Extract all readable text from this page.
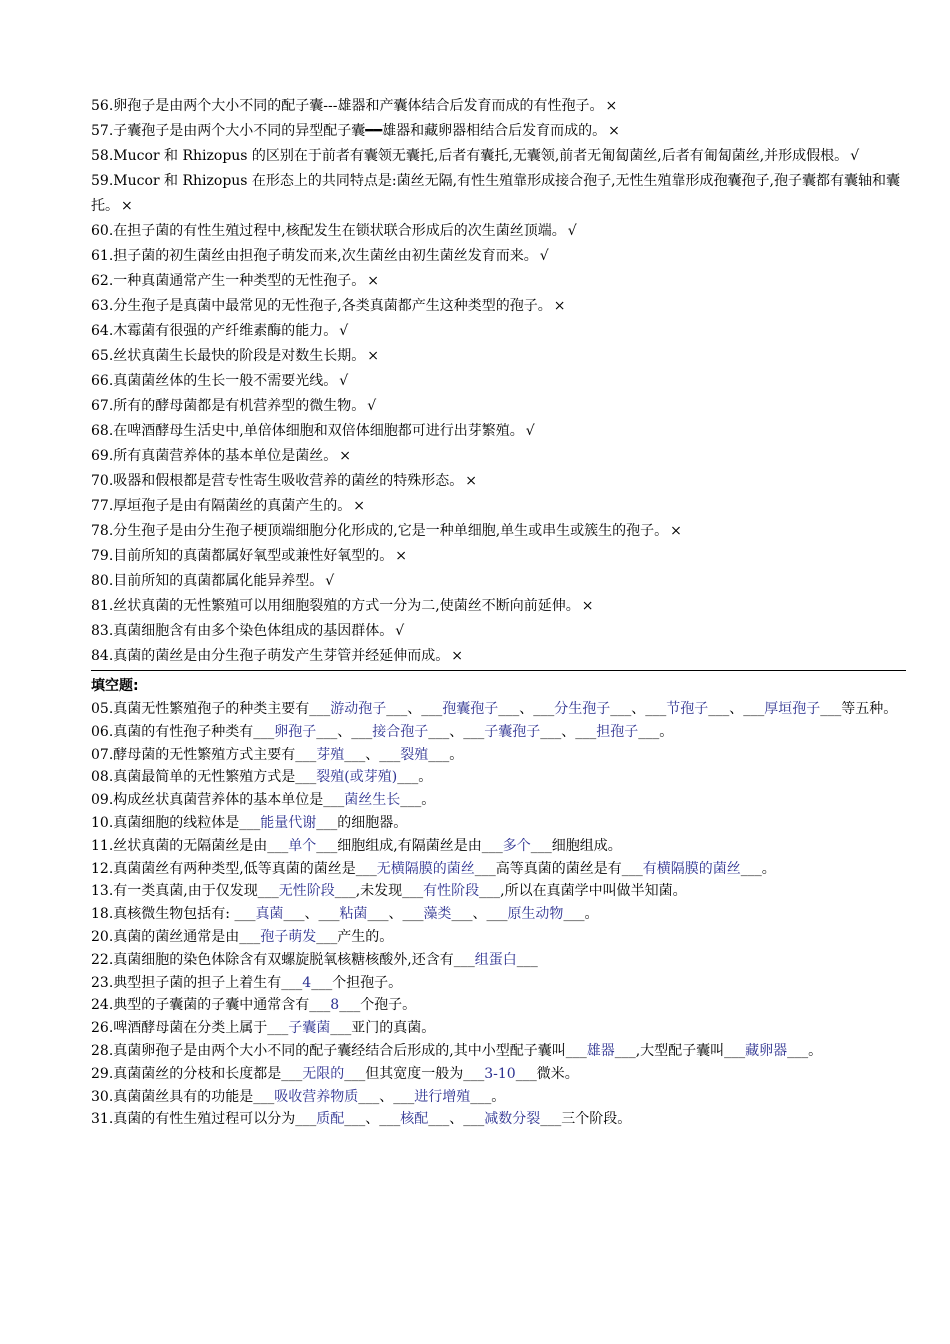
56.卵孢子是由两个大小不同的配子囊---雄器和产囊体结合后发育而成的有性孢子。 ×

57.子囊孢子是由两个大小不同的异型配子囊━━雄器和藏卵器相结合后发育而成的。 ×

58.Mucor 和 Rhizopus 的区别在于前者有囊领无囊托,后者有囊托,无囊领,前者无匍匐菌丝,后者有匍匐菌丝,并形成假根。 √

59.Mucor 和 Rhizopus 在形态上的共同特点是:菌丝无隔,有性生殖靠形成接合孢子,无性生殖靠形成孢囊孢子,孢子囊都有囊轴和囊托。 ×

60.在担子菌的有性生殖过程中,核配发生在锁状联合形成后的次生菌丝顶端。 √

61.担子菌的初生菌丝由担孢子萌发而来,次生菌丝由初生菌丝发育而来。 √

62.一种真菌通常产生一种类型的无性孢子。 ×

63.分生孢子是真菌中最常见的无性孢子,各类真菌都产生这种类型的孢子。 ×

64.木霉菌有很强的产纤维素酶的能力。 √

65.丝状真菌生长最快的阶段是对数生长期。 ×

66.真菌菌丝体的生长一般不需要光线。 √

67.所有的酵母菌都是有机营养型的微生物。 √

68.在啤酒酵母生活史中,单倍体细胞和双倍体细胞都可进行出芽繁殖。 √

69.所有真菌营养体的基本单位是菌丝。 ×

70.吸器和假根都是营专性寄生吸收营养的菌丝的特殊形态。 ×

77.厚垣孢子是由有隔菌丝的真菌产生的。 ×

78.分生孢子是由分生孢子梗顶端细胞分化形成的,它是一种单细胞,单生或串生或簇生的孢子。 ×

79.目前所知的真菌都属好氧型或兼性好氧型的。 ×

80.目前所知的真菌都属化能异养型。 √

81.丝状真菌的无性繁殖可以用细胞裂殖的方式一分为二,使菌丝不断向前延伸。 ×

83.真菌细胞含有由多个染色体组成的基因群体。 √

84.真菌的菌丝是由分生孢子萌发产生芽管并经延伸而成。 ×

填空题:

05.真菌无性繁殖孢子的种类主要有___游动孢子___、___孢囊孢子___、___分生孢子___、___节孢子___、___厚垣孢子___等五种。

06.真菌的有性孢子种类有___卵孢子___、___接合孢子___、___子囊孢子___、___担孢子___。

07.酵母菌的无性繁殖方式主要有___芽殖___、___裂殖___。

08.真菌最简单的无性繁殖方式是___裂殖(或芽殖)___。

09.构成丝状真菌营养体的基本单位是___菌丝生长___。

10.真菌细胞的线粒体是___能量代谢___的细胞器。

11.丝状真菌的无隔菌丝是由___单个___细胞组成,有隔菌丝是由___多个___细胞组成。

12.真菌菌丝有两种类型,低等真菌的菌丝是___无横隔膜的菌丝___高等真菌的菌丝是有___有横隔膜的菌丝___。

13.有一类真菌,由于仅发现___无性阶段___,未发现___有性阶段___,所以在真菌学中叫做半知菌。

18.真核微生物包括有: ___真菌___、___粘菌___、___藻类___、___原生动物___。

20.真菌的菌丝通常是由___孢子萌发___产生的。

22.真菌细胞的染色体除含有双螺旋脱氧核糖核酸外,还含有___组蛋白___

23.典型担子菌的担子上着生有___4___个担孢子。

24.典型的子囊菌的子囊中通常含有___8___个孢子。

26.啤酒酵母菌在分类上属于___子囊菌___亚门的真菌。

28.真菌卵孢子是由两个大小不同的配子囊经结合后形成的,其中小型配子囊叫___雄器___,大型配子囊叫___藏卵器___。

29.真菌菌丝的分枝和长度都是___无限的___但其宽度一般为___3-10___微米。

30.真菌菌丝具有的功能是___吸收营养物质___、___进行增殖___。

31.真菌的有性生殖过程可以分为___质配___、___核配___、___减数分裂___三个阶段。
